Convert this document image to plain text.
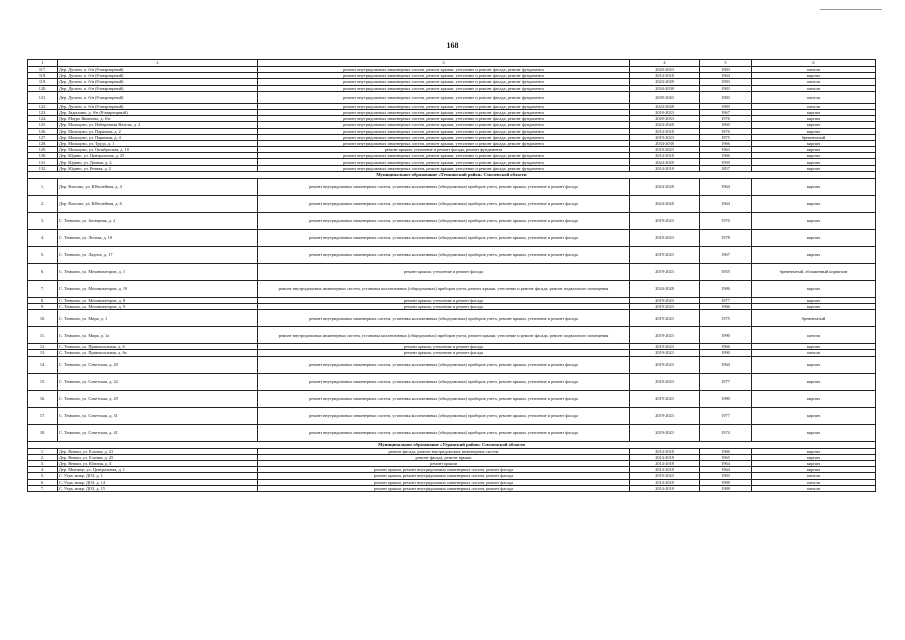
168
1	2	3	4	5	6
117.	Дер. Дугино, п. б/н (8-квартирный)	ремонт внутридомовых инженерных систем, ремонт крыши, утепление и ремонт фасада, ремонт фундамента	2020-2023	1983	панели
118.	Дер. Дугино, п. б/н (8-квартирный)	ремонт внутридомовых инженерных систем, ремонт крыши, утепление и ремонт фасада, ремонт фундамента	2014-2018	1964	кирпич
119.	Дер. Дугино, п. б/н (8-квартирный)	ремонт внутридомовых инженерных систем, ремонт крыши, утепление и ремонт фасада, ремонт фундамента	2024-2028	1983	панели
120.	Дер. Дугино, п. б/н (8-квартирный)	ремонт внутридомовых инженерных систем, ремонт крыши, утепление и ремонт фасада, ремонт фундамента	2034-2038	1983	панели
121.	Дер. Дугино, п. б/н (8-квартирный)	ремонт внутридомовых инженерных систем, ремонт крыши, утепление и ремонт фасада, ремонт фундамента	2039-2043	1983	панели
122.	Дер. Дугино, п. б/н (8-квартирный)	ремонт внутридомовых инженерных систем, ремонт крыши, утепление и ремонт фасада, ремонт фундамента	2024-2028	1983	панели
123.	Дер. Задыхино, д. б/н (8-квартирный)	ремонт внутридомовых инженерных систем, ремонт крыши, утепление и ремонт фасада, ремонт фундамента	2019-2023	1967	кирпич
124.	Дер. Мауро Яковлево, д. б/н	ремонт внутридомовых инженерных систем, ремонт крыши, утепление и ремонт фасада, ремонт фундамента	2029-2033	1976	кирпич
125.	Дер. Мольцово, ул. Набережная Вазузы, д. 2	ремонт внутридомовых инженерных систем, ремонт крыши, утепление и ремонт фасада, ремонт фундамента	2024-2028	1860	кирпич
126.	Дер. Мольцово, ул. Парковая, д. 2	ремонт внутридомовых инженерных систем, ремонт крыши, утепление и ремонт фасада, ремонт фундамента	2014-2018	1876	кирпич
127.	Дер. Мольцово, ул. Парковая, д. 4	ремонт внутридомовых инженерных систем, ремонт крыши, утепление и ремонт фасада, ремонт фундамента	2019-2023	1875	бревенчатый
128.	Дер. Мольцово, ул. Труда, д. 1	ремонт внутридомовых инженерных систем, ремонт крыши, утепление и ремонт фасада, ремонт фундамента	2034-2038	1966	кирпич
129.	Дер. Мольцово, ул. Октябрьская, д. 10	ремонт крыши, утепление и ремонт фасада, ремонт фундамента	2019-2023	1963	кирпич
130.	Дер. Юдино, ул. Центральная, д. 25	ремонт внутридомовых инженерных систем, ремонт крыши, утепление и ремонт фасада, ремонт фундамента	2014-2018	1966	кирпич
131.	Дер. Юдино, ул. Дачная, д. 2	ремонт внутридомовых инженерных систем, ремонт крыши, утепление и ремонт фасада, ремонт фундамента	2024-2028	1959	кирпич
132.	Дер. Юдино, ул. Речная, д. 2	ремонт внутридомовых инженерных систем, ремонт крыши, утепление и ремонт фасада, ремонт фундамента	2014-2018	1857	кирпич
Муниципальное образование «Темкинский район» Смоленской области					
1.	Дер. Власово, ул. Юбилейная, д. 4	ремонт внутридомовых инженерных систем, установка коллективных (общедомовых) приборов учета, ремонт крыши, утепление и ремонт фасада	2024-2028	1964	кирпич
2.	Дер. Власово, ул. Юбилейная, д. 6	ремонт внутридомовых инженерных систем, установка коллективных (общедомовых) приборов учета, ремонт крыши, утепление и ремонт фасада	2024-2028	1964	кирпич
3.	С. Темкино, ул. Заозерная, д. 2	ремонт внутридомовых инженерных систем, установка коллективных (общедомовых) приборов учета, ремонт крыши, утепление и ремонт фасада	2019-2023	1976	кирпич
4.	С. Темкино, ул. Лесная, д. 10	ремонт внутридомовых инженерных систем, установка коллективных (общедомовых) приборов учета, ремонт крыши, утепление и ремонт фасада	2019-2023	1978	кирпич
5.	С. Темкино, ул. Ладное, д. 17	ремонт внутридомовых инженерных систем, установка коллективных (общедомовых) приборов учета, ремонт крыши, утепление и ремонт фасада	2019-2023	1967	кирпич
6.	С. Темкино, ул. Механизаторов, д. 1	ремонт крыши, утепление и ремонт фасада	2019-2023	1955	бревенчатый, обложенный кирпичом
7.	С. Темкино, ул. Механизаторов, д. 19	ремонт внутридомовых инженерных систем, установка коллективных (общедомовых) приборов учета, ремонт крыши, утепление и ремонт фасада, ремонт подвального помещения	2024-2028	1986	кирпич
8.	С. Темкино, ул. Механизаторов, д. 8	ремонт крыши, утепление и ремонт фасада	2019-2023	1977	кирпич
9.	С. Темкино, ул. Механизаторов, д. 9	ремонт крыши, утепление и ремонт фасада	2019-2023	1966	кирпич
10.	С. Темкино, ул. Мира, д. 1	ремонт внутридомовых инженерных систем, установка коллективных (общедомовых) приборов учета, ремонт крыши, утепление и ремонт фасада	2019-2023	1975	бревенчатый
11.	С. Темкино, ул. Мира, д. 1а	ремонт внутридомовых инженерных систем, установка коллективных (общедомовых) приборов учета, ремонт крыши, утепление и ремонт фасада, ремонт подвального помещения	2019-2023	1990	панели
12.	С. Темкино, ул. Привокзальная, д. 6	ремонт крыши, утепление и ремонт фасада	2019-2023	1966	кирпич
13.	С. Темкино, ул. Привокзальная, д. 6а	ремонт крыши, утепление и ремонт фасада	2019-2023	1990	панели
14.	С. Темкино, ул. Советская, д. 20	ремонт внутридомовых инженерных систем, установка коллективных (общедомовых) приборов учета, ремонт крыши, утепление и ремонт фасада	2019-2023	1964	кирпич
15.	С. Темкино, ул. Советская, д. 22	ремонт внутридомовых инженерных систем, установка коллективных (общедомовых) приборов учета, ремонт крыши, утепление и ремонт фасада	2019-2023	1977	кирпич
16.	С. Темкино, ул. Советская, д. 29	ремонт внутридомовых инженерных систем, установка коллективных (общедомовых) приборов учета, ремонт крыши, утепление и ремонт фасада	2019-2023	1980	кирпич
17.	С. Темкино, ул. Советская, д. 31	ремонт внутридомовых инженерных систем, установка коллективных (общедомовых) приборов учета, ремонт крыши, утепление и ремонт фасада	2019-2023	1977	кирпич
18.	С. Темкино, ул. Советская, д. 41	ремонт внутридомовых инженерных систем, установка коллективных (общедомовых) приборов учета, ремонт крыши, утепление и ремонт фасада	2019-2023	1974	кирпич
Муниципальное образование «Угранский район» Смоленской области					
1.	Дер. Вешки, ул. Елочки, д. 21	ремонт фасада, ремонт внутридомовых инженерных систем	2014-2018	1966	кирпич
2.	Дер. Вешки, ул. Елочки, д. 25	ремонт фасада, ремонт крыши	2014-2018	1965	кирпич
3.	Дер. Вешки, ул. Южная, д. 4	ремонт крыши	2014-2018	1964	кирпич
4.	Дер. Мытище, ул. Центральная, д. 1	ремонт крыши, ремонт внутридомовых инженерных систем, ремонт фасада	2014-2018	1964	кирпич
5.	С. Угра, микр. ДОЗ, д. 1	ремонт крыши, ремонт внутридомовых инженерных систем, ремонт фасада	2019-2023	1983	панели
6.	С. Угра, микр. ДОЗ, д. 14	ремонт крыши, ремонт внутридомовых инженерных систем, ремонт фасада	2014-2018	1988	панели
7.	С. Угра, микр. ДОЗ, д. 15	ремонт крыши, ремонт внутридомовых инженерных систем, ремонт фасада	2014-2018	1988	панели
